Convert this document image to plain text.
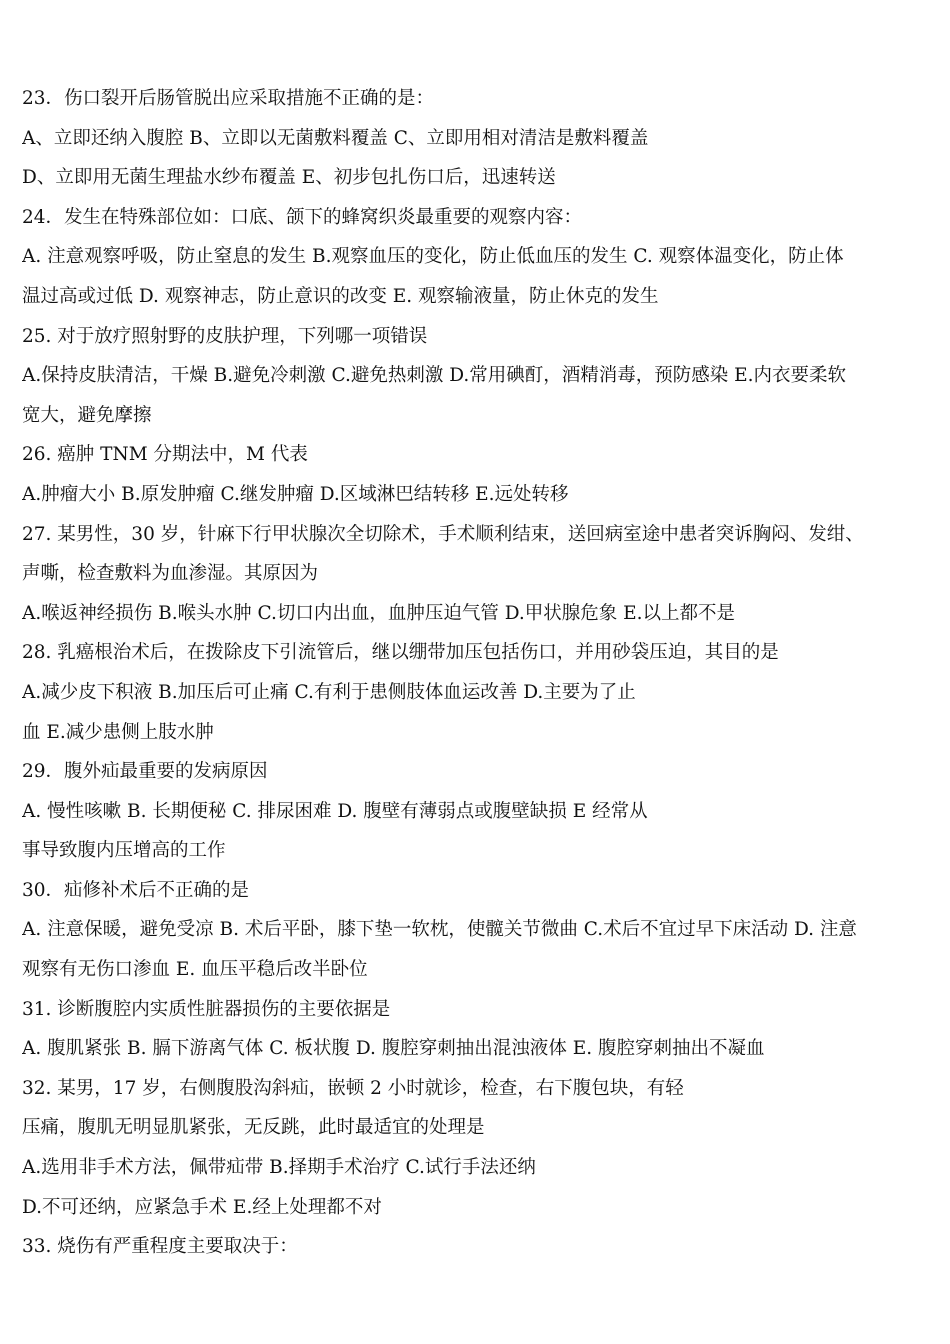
23．伤口裂开后肠管脱出应采取措施不正确的是：
A、立即还纳入腹腔 B、立即以无菌敷料覆盖 C、立即用相对清洁是敷料覆盖
D、立即用无菌生理盐水纱布覆盖 E、初步包扎伤口后，迅速转送
24．发生在特殊部位如：口底、颌下的蜂窝织炎最重要的观察内容：
A. 注意观察呼吸，防止窒息的发生 B.观察血压的变化，防止低血压的发生 C. 观察体温变化，防止体
温过高或过低 D. 观察神志，防止意识的改变 E. 观察输液量，防止休克的发生
25. 对于放疗照射野的皮肤护理，下列哪一项错误
A.保持皮肤清洁，干燥 B.避免冷刺激 C.避免热刺激 D.常用碘酊，酒精消毒，预防感染 E.内衣要柔软
宽大，避免摩擦
26. 癌肿 TNM 分期法中，M 代表
A.肿瘤大小 B.原发肿瘤 C.继发肿瘤 D.区域淋巴结转移 E.远处转移
27. 某男性，30 岁，针麻下行甲状腺次全切除术，手术顺利结束，送回病室途中患者突诉胸闷、发绀、
声嘶，检查敷料为血渗湿。其原因为
A.喉返神经损伤 B.喉头水肿 C.切口内出血，血肿压迫气管 D.甲状腺危象 E.以上都不是
28. 乳癌根治术后，在拨除皮下引流管后，继以绷带加压包括伤口，并用砂袋压迫，其目的是
A.减少皮下积液 B.加压后可止痛 C.有利于患侧肢体血运改善 D.主要为了止
血 E.减少患侧上肢水肿
29．腹外疝最重要的发病原因
A. 慢性咳嗽 B. 长期便秘 C. 排尿困难 D. 腹壁有薄弱点或腹壁缺损 E 经常从
事导致腹内压增高的工作
30．疝修补术后不正确的是
A. 注意保暖，避免受凉 B. 术后平卧，膝下垫一软枕，使髋关节微曲 C.术后不宜过早下床活动 D. 注意
观察有无伤口渗血 E. 血压平稳后改半卧位
31. 诊断腹腔内实质性脏器损伤的主要依据是
A. 腹肌紧张 B. 膈下游离气体 C. 板状腹 D. 腹腔穿刺抽出混浊液体 E. 腹腔穿刺抽出不凝血
32. 某男，17 岁，右侧腹股沟斜疝，嵌顿 2 小时就诊，检查，右下腹包块，有轻
压痛，腹肌无明显肌紧张，无反跳，此时最适宜的处理是
A.选用非手术方法，佩带疝带 B.择期手术治疗 C.试行手法还纳
D.不可还纳，应紧急手术 E.经上处理都不对
33. 烧伤有严重程度主要取决于：
